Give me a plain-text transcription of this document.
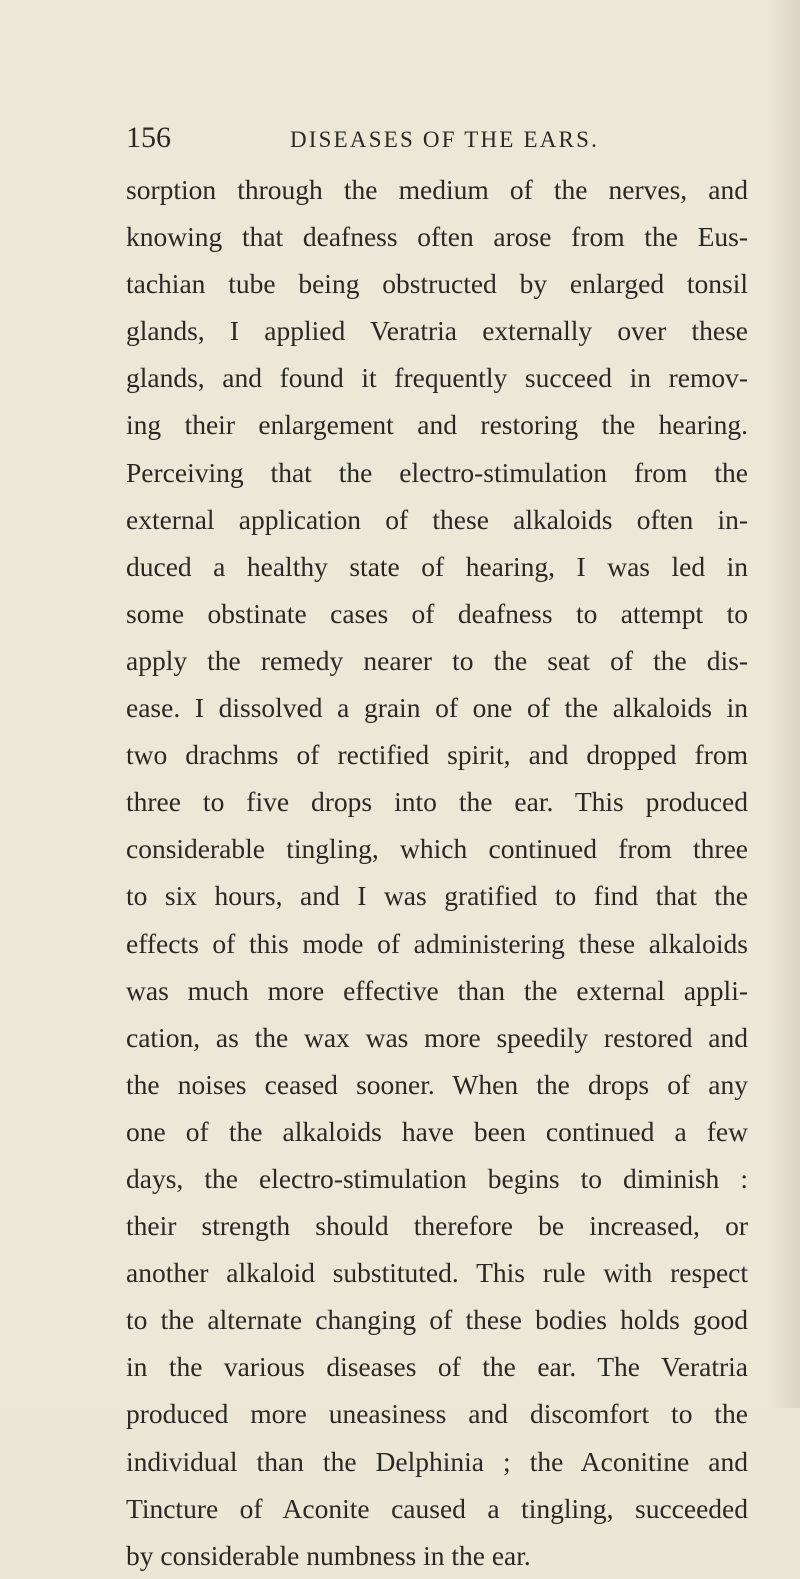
156	DISEASES OF THE EARS.
sorption through the medium of the nerves, and
knowing that deafness often arose from the Eus-
tachian tube being obstructed by enlarged tonsil
glands, I applied Veratria externally over these
glands, and found it frequently succeed in remov-
ing their enlargement and restoring the hearing.
Perceiving that the electro-stimulation from the
external application of these alkaloids often in-
duced a healthy state of hearing, I was led in
some obstinate cases of deafness to attempt to
apply the remedy nearer to the seat of the dis-
ease. I dissolved a grain of one of the alkaloids in
two drachms of rectified spirit, and dropped from
three to five drops into the ear. This produced
considerable tingling, which continued from three
to six hours, and I was gratified to find that the
effects of this mode of administering these alkaloids
was much more effective than the external appli-
cation, as the wax was more speedily restored and
the noises ceased sooner. When the drops of any
one of the alkaloids have been continued a few
days, the electro-stimulation begins to diminish :
their strength should therefore be increased, or
another alkaloid substituted. This rule with respect
to the alternate changing of these bodies holds good
in the various diseases of the ear. The Veratria
produced more uneasiness and discomfort to the
individual than the Delphinia ; the Aconitine and
Tincture of Aconite caused a tingling, succeeded
by considerable numbness in the ear.
